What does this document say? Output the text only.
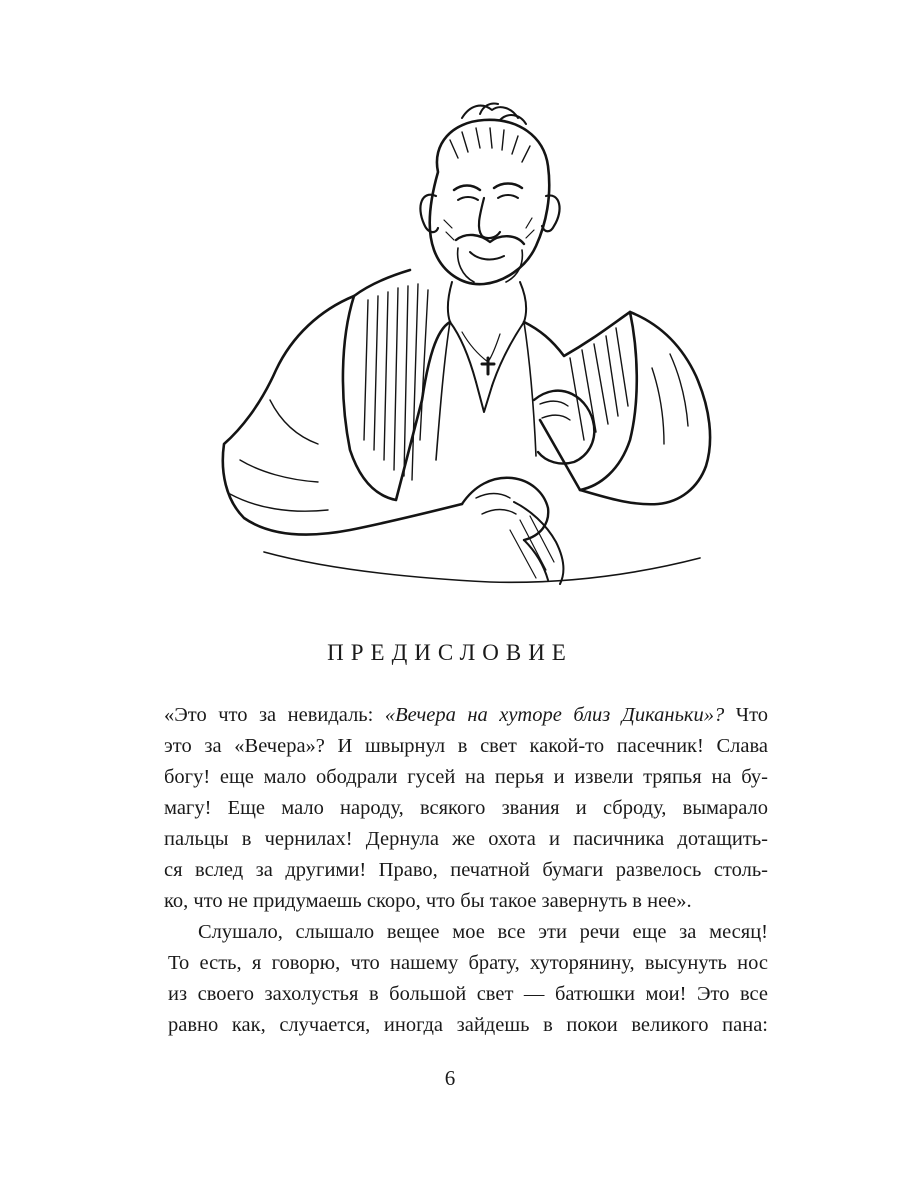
ПРЕДИСЛОВИЕ
«Это что за невидаль: «Вечера на хуторе близ Диканьки»? Что
это за «Вечера»? И швырнул в свет какой-то пасечник! Слава
богу! еще мало ободрали гусей на перья и извели тряпья на бу-
магу! Еще мало народу, всякого звания и сброду, вымарало
пальцы в чернилах! Дернула же охота и пасичника дотащить-
ся вслед за другими! Право, печатной бумаги развелось столь-
ко, что не придумаешь скоро, что бы такое завернуть в нее».
Слушало, слышало вещее мое все эти речи еще за месяц!
То есть, я говорю, что нашему брату, хуторянину, высунуть нос
из своего захолустья в большой свет — батюшки мои! Это все
равно как, случается, иногда зайдешь в покои великого пана:
6
